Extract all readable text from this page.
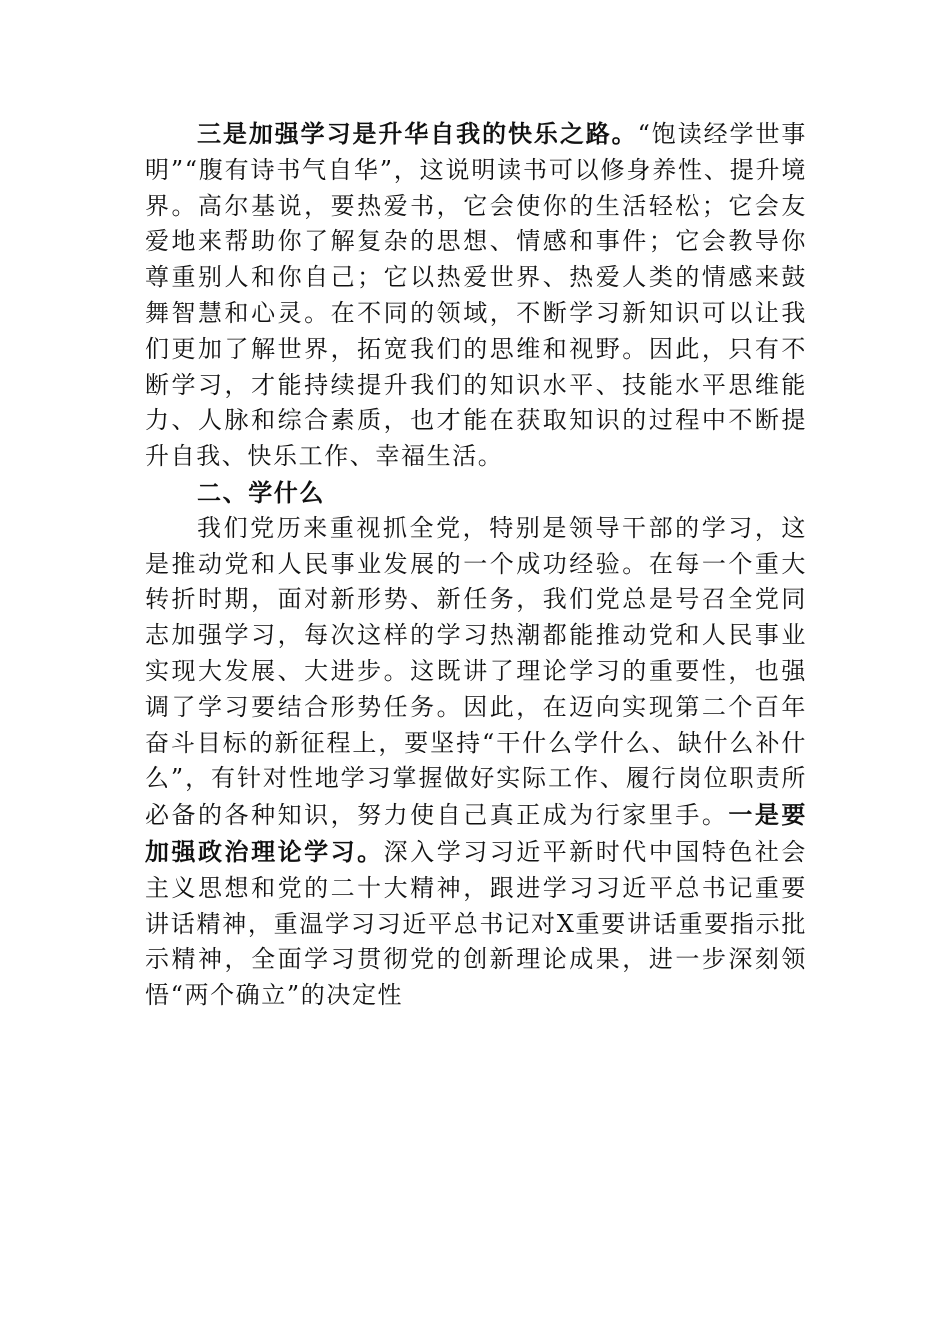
三是加强学习是升华自我的快乐之路。“饱读经学世事明”“腹有诗书气自华”，这说明读书可以修身养性、提升境界。高尔基说，要热爱书，它会使你的生活轻松；它会友爱地来帮助你了解复杂的思想、情感和事件；它会教导你尊重别人和你自己；它以热爱世界、热爱人类的情感来鼓舞智慧和心灵。在不同的领域，不断学习新知识可以让我们更加了解世界，拓宽我们的思维和视野。因此，只有不断学习，才能持续提升我们的知识水平、技能水平思维能力、人脉和综合素质，也才能在获取知识的过程中不断提升自我、快乐工作、幸福生活。

二、学什么

我们党历来重视抓全党，特别是领导干部的学习，这是推动党和人民事业发展的一个成功经验。在每一个重大转折时期，面对新形势、新任务，我们党总是号召全党同志加强学习，每次这样的学习热潮都能推动党和人民事业实现大发展、大进步。这既讲了理论学习的重要性，也强调了学习要结合形势任务。因此，在迈向实现第二个百年奋斗目标的新征程上，要坚持“干什么学什么、缺什么补什么”，有针对性地学习掌握做好实际工作、履行岗位职责所必备的各种知识，努力使自己真正成为行家里手。一是要加强政治理论学习。深入学习习近平新时代中国特色社会主义思想和党的二十大精神，跟进学习习近平总书记重要讲话精神，重温学习习近平总书记对X重要讲话重要指示批示精神，全面学习贯彻党的创新理论成果，进一步深刻领悟“两个确立”的决定性
